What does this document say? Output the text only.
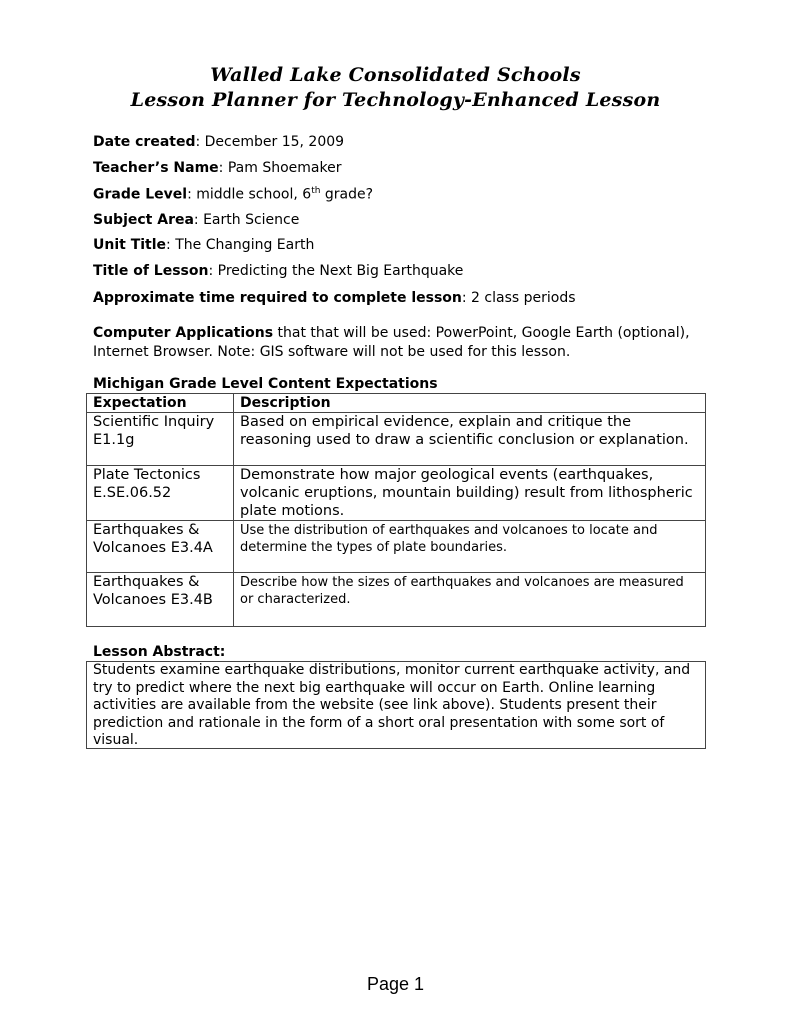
Walled Lake Consolidated Schools
Lesson Planner for Technology-Enhanced Lesson
Date created: December 15, 2009
Teacher’s Name: Pam Shoemaker
Grade Level: middle school, 6th grade?
Subject Area: Earth Science
Unit Title: The Changing Earth
Title of Lesson: Predicting the Next Big Earthquake
Approximate time required to complete lesson: 2 class periods
Computer Applications that that will be used: PowerPoint, Google Earth (optional), Internet Browser. Note: GIS software will not be used for this lesson.
Michigan Grade Level Content Expectations
Expectation	Description

Scientific Inquiry E1.1g	Based on empirical evidence, explain and critique the reasoning used to draw a scientific conclusion or explanation.

Plate Tectonics E.SE.06.52	Demonstrate how major geological events (earthquakes, volcanic eruptions, mountain building) result from lithospheric plate motions.

Earthquakes & Volcanoes E3.4A	Use the distribution of earthquakes and volcanoes to locate and determine the types of plate boundaries.

Earthquakes & Volcanoes E3.4B	Describe how the sizes of earthquakes and volcanoes are measured or characterized.
Lesson Abstract:
Students examine earthquake distributions, monitor current earthquake activity, and try to predict where the next big earthquake will occur on Earth. Online learning activities are available from the website (see link above). Students present their prediction and rationale in the form of a short oral presentation with some sort of visual.
Page 1
